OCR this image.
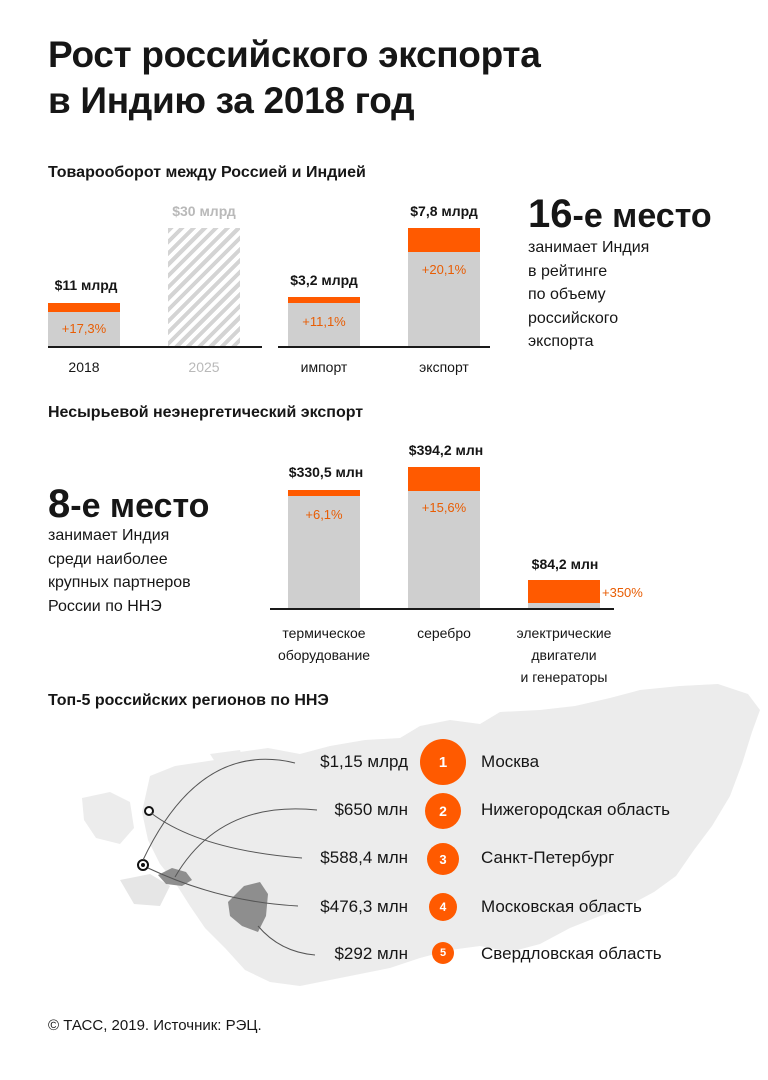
Рост российского экспорта
в Индию за 2018 год
Товарооборот между Россией и Индией
$11 млрд
+17,3%
$30 млрд
2018	2025
$3,2 млрд
+11,1%
$7,8 млрд
+20,1%
импорт	экспорт
16-е место
занимает Индия
в рейтинге
по объему
российского
экспорта
Несырьевой неэнергетический экспорт
8-е место
занимает Индия
среди наиболее
крупных партнеров
России по ННЭ
$330,5 млн
+6,1%
$394,2 млн
+15,6%
$84,2 млн
+350%
термическое
оборудование
серебро	электрические
двигатели
и генераторы
Топ-5 российских регионов по ННЭ
$1,15 млрд	1	Москва
$650 млн	2	Нижегородская область
$588,4 млн	3	Санкт-Петербург
$476,3 млн	4	Московская область
$292 млн	5	Свердловская область
© ТАСС, 2019. Источник: РЭЦ.
